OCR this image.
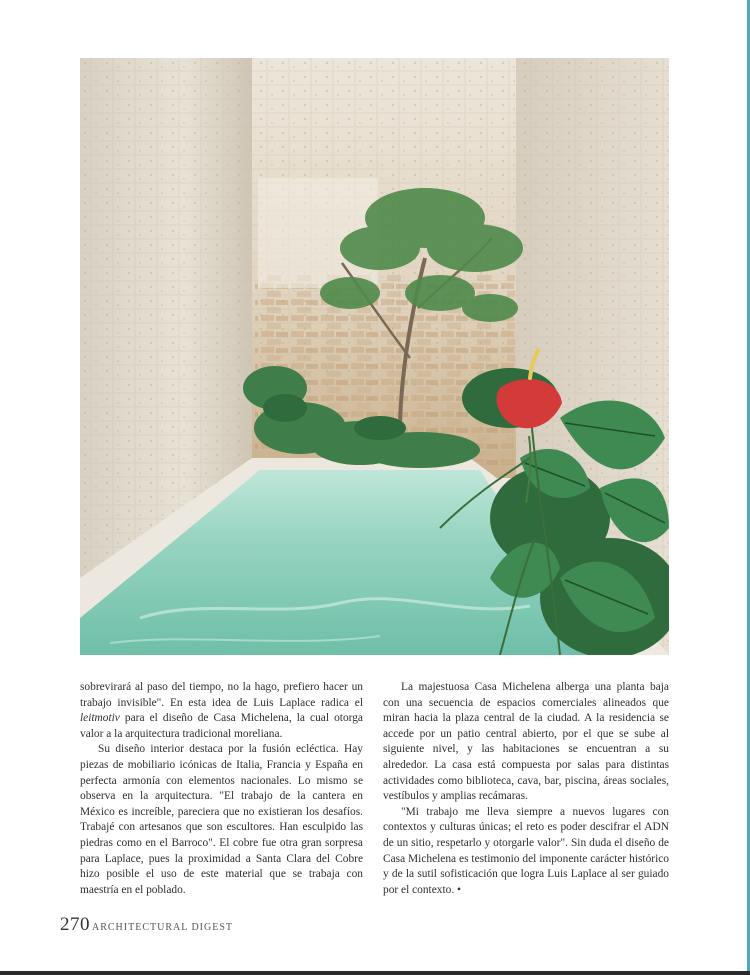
sobrevirará al paso del tiempo, no la hago, prefiero hacer un trabajo invisible". En esta idea de Luis Laplace radica el leitmotiv para el diseño de Casa Michelena, la cual otorga valor a la arquitectura tradicional moreliana.

Su diseño interior destaca por la fusión ecléctica. Hay piezas de mobiliario icónicas de Italia, Francia y España en perfecta armonía con elementos nacionales. Lo mismo se observa en la arquitectura. "El trabajo de la cantera en México es increíble, pareciera que no existieran los desafíos. Trabajé con artesanos que son escultores. Han esculpido las piedras como en el Barroco". El cobre fue otra gran sorpresa para Laplace, pues la proximidad a Santa Clara del Cobre hizo posible el uso de este material que se trabaja con maestría en el poblado.

La majestuosa Casa Michelena alberga una planta baja con una secuencia de espacios comerciales alineados que miran hacia la plaza central de la ciudad. A la residencia se accede por un patio central abierto, por el que se sube al siguiente nivel, y las habitaciones se encuentran a su alrededor. La casa está compuesta por salas para distintas actividades como biblioteca, cava, bar, piscina, áreas sociales, vestíbulos y amplias recámaras.

"Mi trabajo me lleva siempre a nuevos lugares con contextos y culturas únicas; el reto es poder descifrar el ADN de un sitio, respetarlo y otorgarle valor". Sin duda el diseño de Casa Michelena es testimonio del imponente carácter histórico y de la sutil sofisticación que logra Luis Laplace al ser guiado por el contexto. •

270 ARCHITECTURAL DIGEST
